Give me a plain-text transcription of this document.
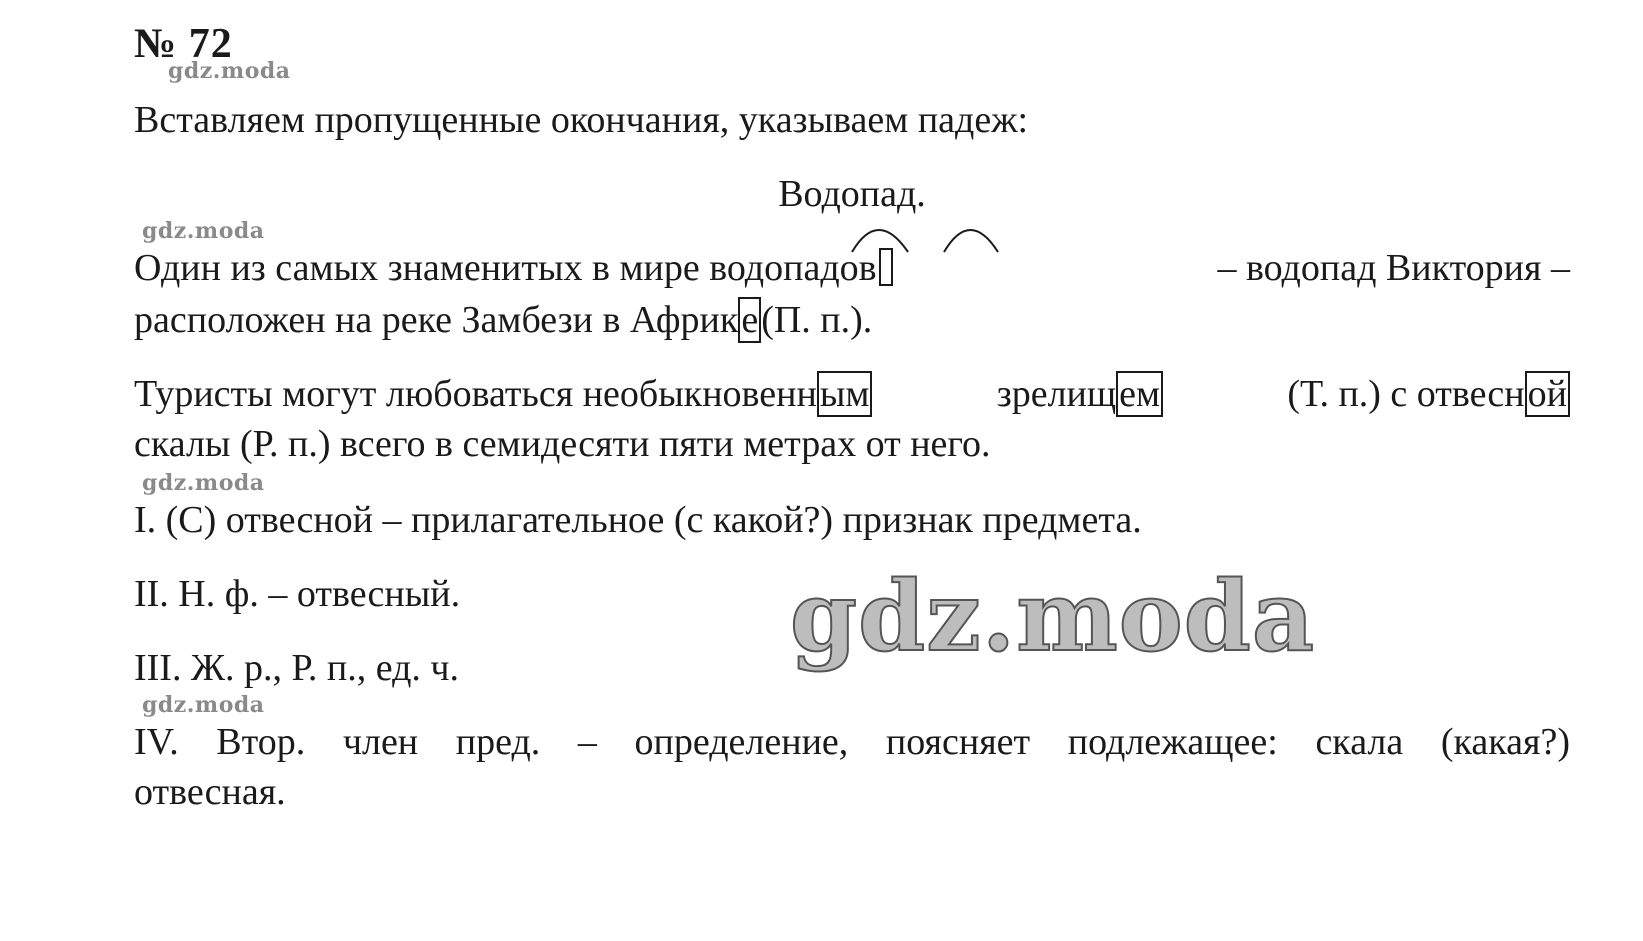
№ 72
gdz.moda
Вставляем пропущенные окончания, указываем падеж:
Водопад.
gdz.moda
Один из самых знаменитых в мире водопадов	– водопад Виктория –
расположен на реке Замбези в Африке(П. п.).
Туристы могут любоваться необыкновенным	зрелищем	(Т. п.) с отвесной
скалы (Р. п.) всего в семидесяти пяти метрах от него.
gdz.moda
I. (С) отвесной – прилагательное (с какой?) признак предмета.
II. Н. ф. – отвесный.	gdz.moda
III. Ж. р., Р. п., ед. ч.
gdz.moda
IV. Втор. член пред. – определение, поясняет подлежащее: скала (какая?)
отвесная.
